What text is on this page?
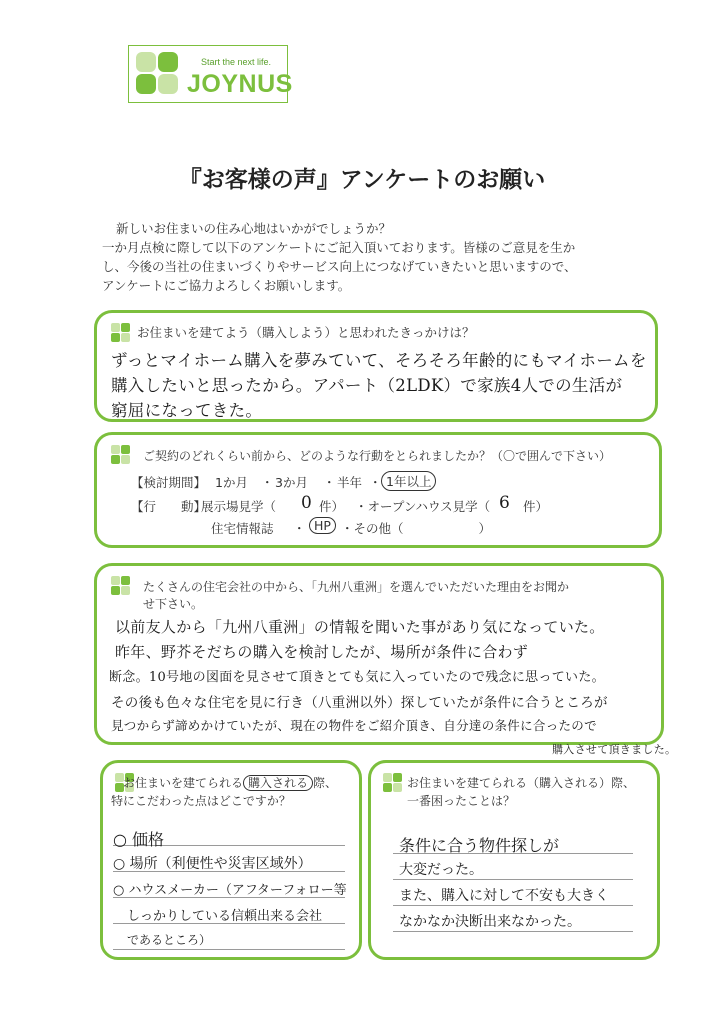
Start the next life.
JOYNUS
『お客様の声』アンケートのお願い
新しいお住まいの住み心地はいかがでしょうか？
一か月点検に際して以下のアンケートにご記入頂いております。皆様のご意見を生か
し、今後の当社の住まいづくりやサービス向上につなげていきたいと思いますので、
アンケートにご協力よろしくお願いします。
お住まいを建てよう（購入しよう）と思われたきっかけは？
ずっとマイホーム購入を夢みていて、そろそろ年齢的にもマイホームを
購入したいと思ったから。アパート（2LDK）で家族4人での生活が
窮屈になってきた。
ご契約のどれくらい前から、どのような行動をとられましたか？（〇で囲んで下さい）
【検討期間】 1か月 ・ 3か月 ・ 半年 ・ 1年以上
【行　　動】
展示場見学（ 0 件） ・オープンハウス見学（ 6 件）
住宅情報誌 ・ HP ・その他（　　　　　　）
たくさんの住宅会社の中から、「九州八重洲」を選んでいただいた理由をお聞か
せ下さい。
以前友人から「九州八重洲」の情報を聞いた事があり気になっていた。
昨年、野芥そだちの購入を検討したが、場所が条件に合わず
断念。10号地の図面を見させて頂きとても気に入っていたので残念に思っていた。
その後も色々な住宅を見に行き（八重洲以外）探していたが条件に合うところが
見つからず諦めかけていたが、現在の物件をご紹介頂き、自分達の条件に合ったので
購入させて頂きました。
お住まいを建てられる 購入される 際、
特にこだわった点はどこですか？
○ 価格
○ 場所（利便性や災害区域外）
○ ハウスメーカー（アフターフォロー等
しっかりしている信頼出来る会社
であるところ）
お住まいを建てられる（購入される）際、
一番困ったことは？
条件に合う物件探しが
大変だった。
また、購入に対して不安も大きく
なかなか決断出来なかった。
